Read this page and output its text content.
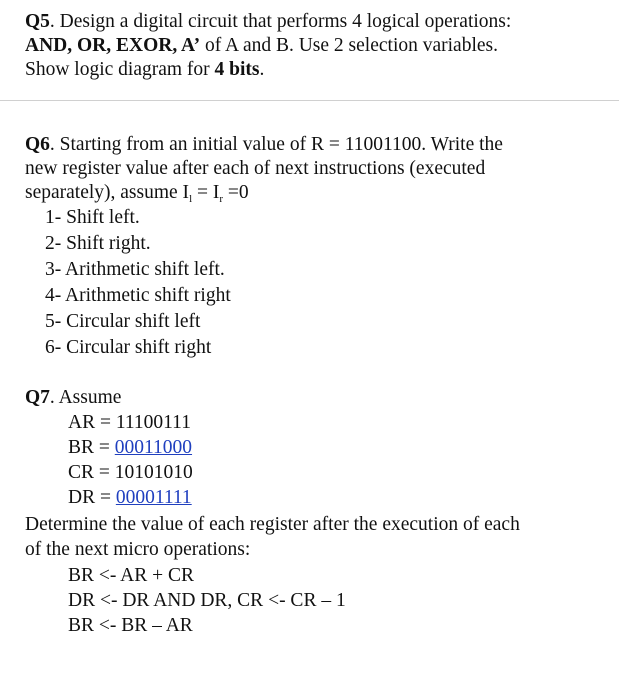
Q5. Design a digital circuit that performs 4 logical operations:
AND, OR, EXOR, A’ of A and B. Use 2 selection variables.
Show logic diagram for 4 bits.
Q6. Starting from an initial value of R = 11001100. Write the
new register value after each of next instructions (executed
separately), assume $I_l = I_r =0$
1- Shift left.
2- Shift right.
3- Arithmetic shift left.
4- Arithmetic shift right
5- Circular shift left
6- Circular shift right
Q7. Assume
AR = 11100111
BR = 00011000
CR = 10101010
DR = 00001111
Determine the value of each register after the execution of each
of the next micro operations:
BR <- AR + CR
DR <- DR AND DR, CR <- CR – 1
BR <- BR – AR
